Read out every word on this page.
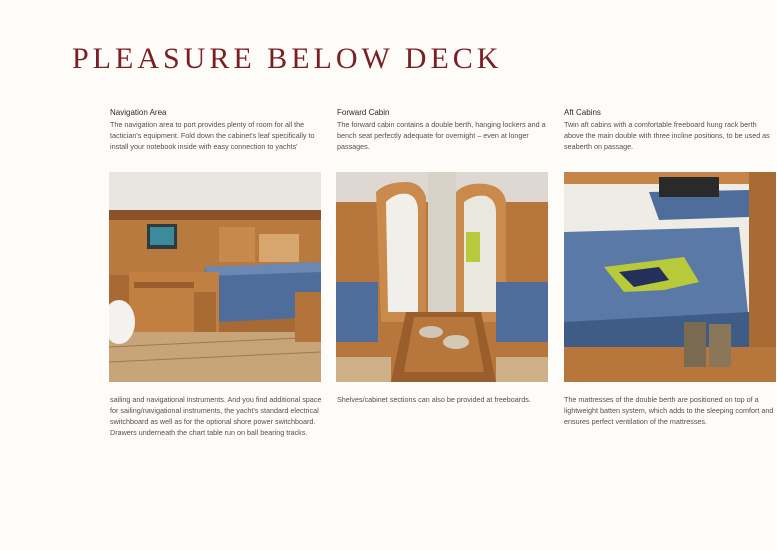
PLEASURE BELOW DECK

Navigation Area

The navigation area to port provides plenty of room for all the tactician's equipment. Fold down the cabinet's leaf specifically to install your notebook inside with easy connection to yachts'

Forward Cabin

The forward cabin contains a double berth, hanging lockers and a bench seat perfectly adequate for overnight – even at longer passages.

Aft Cabins

Twin aft cabins with a comfortable freeboard hung rack berth above the main double with three incline positions, to be used as seaberth on passage.

sailing and navigational instruments. And you find additional space for sailing/navigational instruments, the yacht's standard electrical switchboard as well as for the optional shore power switchboard. Drawers underneath the chart table run on ball bearing tracks.

Shelves/cabinet sections can also be provided at freeboards.	The mattresses of the double berth are positioned on top of a lightweight batten system, which adds to the sleeping comfort and ensures perfect ventilation of the mattresses.
